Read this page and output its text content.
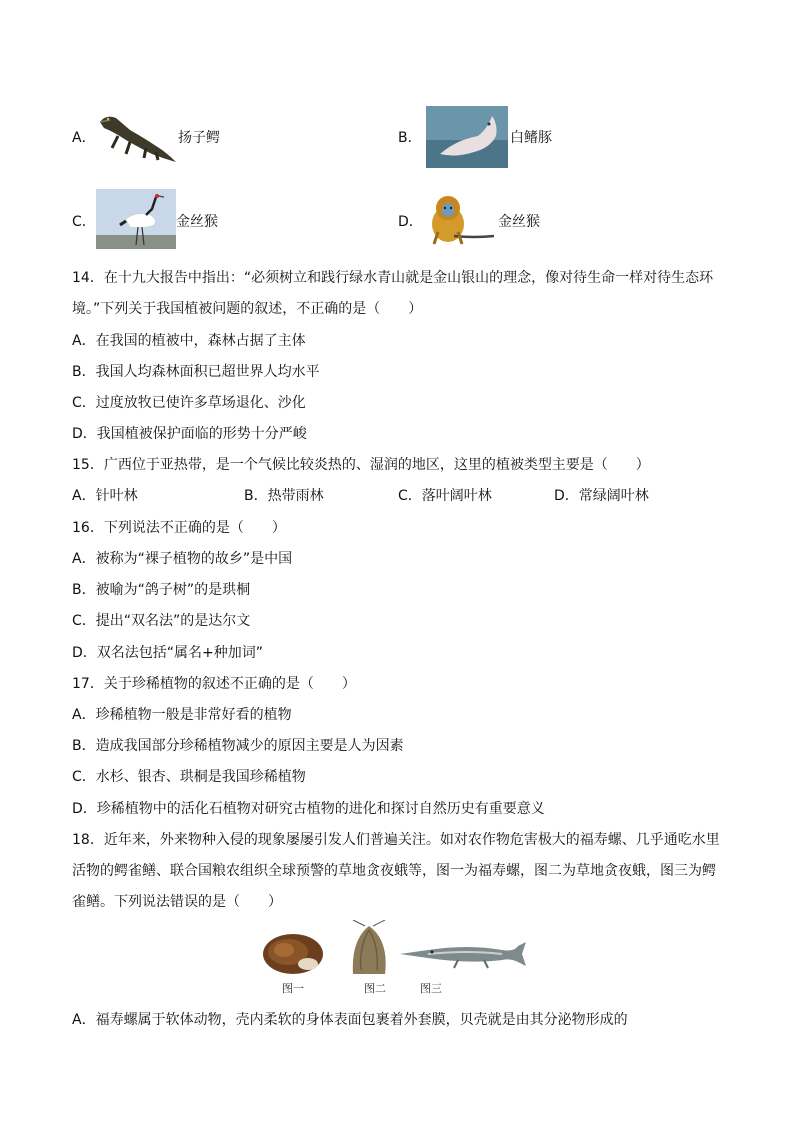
A．	扬子鳄	B．	白鳍豚
C．	金丝猴	D．	金丝猴
14．在十九大报告中指出：“必须树立和践行绿水青山就是金山银山的理念，像对待生命一样对待生态环
境。”下列关于我国植被问题的叙述，不正确的是（　　）
A．在我国的植被中，森林占据了主体
B．我国人均森林面积已超世界人均水平
C．过度放牧已使许多草场退化、沙化
D．我国植被保护面临的形势十分严峻
15．广西位于亚热带，是一个气候比较炎热的、湿润的地区，这里的植被类型主要是（　　）
A．针叶林	B．热带雨林	C．落叶阔叶林	D．常绿阔叶林
16．下列说法不正确的是（　　）
A．被称为“裸子植物的故乡”是中国
B．被喻为“鸽子树”的是珙桐
C．提出“双名法”的是达尔文
D．双名法包括“属名+种加词”
17．关于珍稀植物的叙述不正确的是（　　）
A．珍稀植物一般是非常好看的植物
B．造成我国部分珍稀植物减少的原因主要是人为因素
C．水杉、银杏、珙桐是我国珍稀植物
D．珍稀植物中的活化石植物对研究古植物的进化和探讨自然历史有重要意义
18．近年来，外来物种入侵的现象屡屡引发人们普遍关注。如对农作物危害极大的福寿螺、几乎通吃水里
活物的鳄雀鳝、联合国粮农组织全球预警的草地贪夜蛾等，图一为福寿螺，图二为草地贪夜蛾，图三为鳄
雀鳝。下列说法错误的是（　　）
图一	图二	图三
A．福寿螺属于软体动物，壳内柔软的身体表面包裹着外套膜，贝壳就是由其分泌物形成的
